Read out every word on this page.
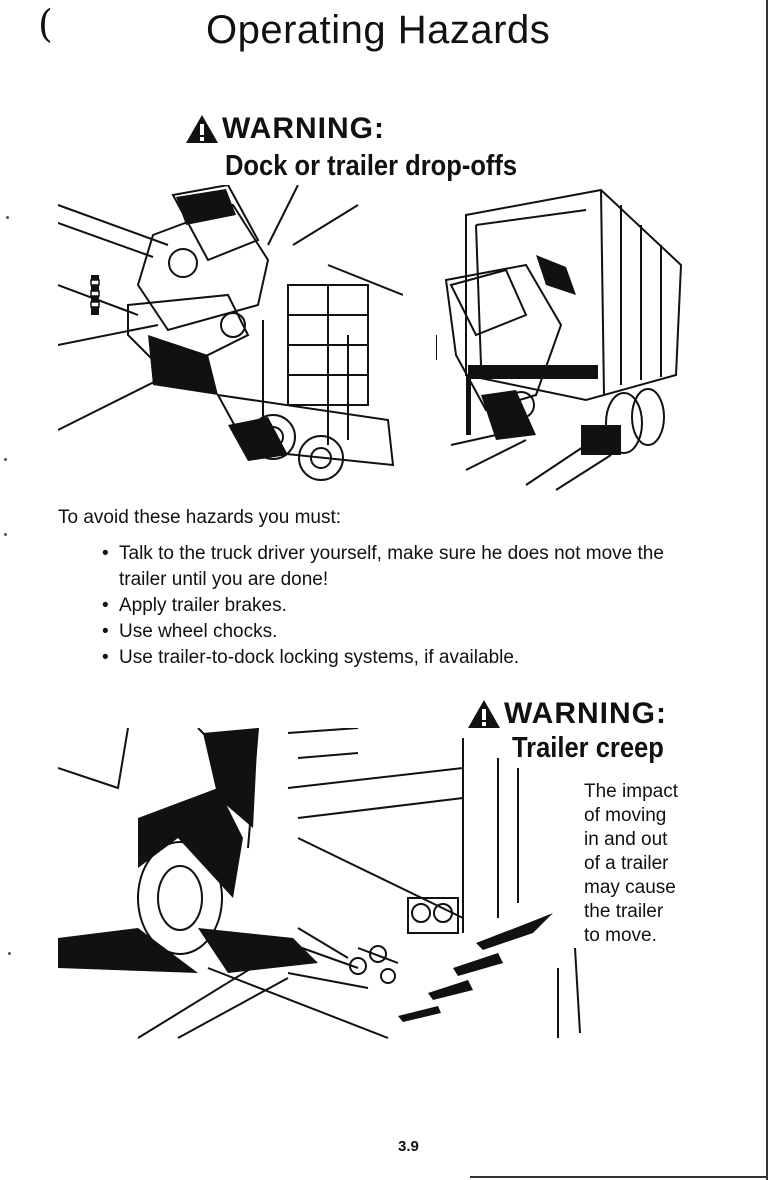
(	Operating Hazards
WARNING:
Dock or trailer drop-offs
To avoid these hazards you must:
• Talk to the truck driver yourself, make sure he does not move the trailer until you are done!
• Apply trailer brakes.
• Use wheel chocks.
• Use trailer-to-dock locking systems, if available.
WARNING:
Trailer creep
The impact
of moving
in and out
of a trailer
may cause
the trailer
to move.
3.9
